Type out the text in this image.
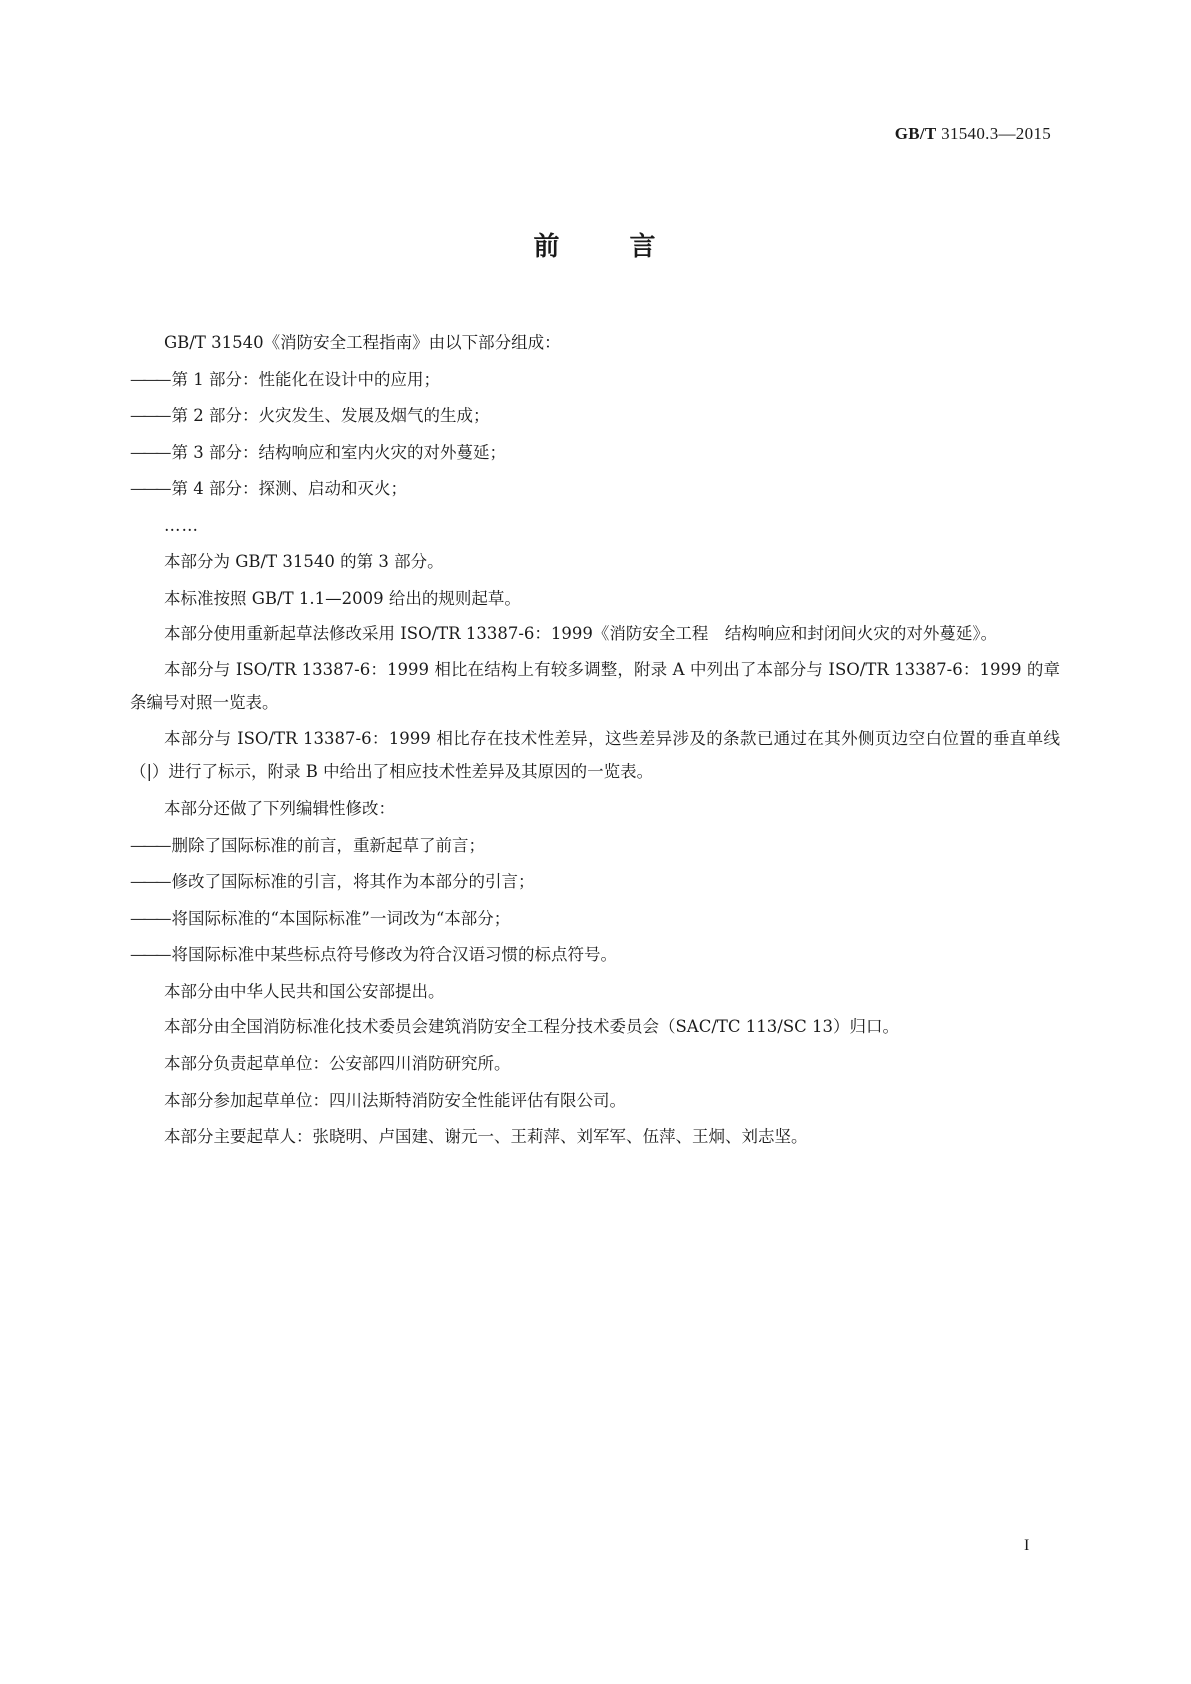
GB/T 31540.3—2015
前	言

GB/T 31540《消防安全工程指南》由以下部分组成：

——— 第 1 部分：性能化在设计中的应用；

——— 第 2 部分：火灾发生、发展及烟气的生成；

——— 第 3 部分：结构响应和室内火灾的对外蔓延；

——— 第 4 部分：探测、启动和灭火；

……

本部分为 GB/T 31540 的第 3 部分。

本标准按照 GB/T 1.1—2009 给出的规则起草。

本部分使用重新起草法修改采用 ISO/TR 13387-6：1999《消防安全工程　结构响应和封闭间火灾的对外蔓延》。

本部分与 ISO/TR 13387-6：1999 相比在结构上有较多调整，附录 A 中列出了本部分与 ISO/TR 13387-6：1999 的章条编号对照一览表。

本部分与 ISO/TR 13387-6：1999 相比存在技术性差异，这些差异涉及的条款已通过在其外侧页边空白位置的垂直单线（|）进行了标示，附录 B 中给出了相应技术性差异及其原因的一览表。

本部分还做了下列编辑性修改：

——— 删除了国际标准的前言，重新起草了前言；

——— 修改了国际标准的引言，将其作为本部分的引言；

——— 将国际标准的“本国际标准”一词改为“本部分；

——— 将国际标准中某些标点符号修改为符合汉语习惯的标点符号。

本部分由中华人民共和国公安部提出。

本部分由全国消防标准化技术委员会建筑消防安全工程分技术委员会（SAC/TC 113/SC 13）归口。

本部分负责起草单位：公安部四川消防研究所。

本部分参加起草单位：四川法斯特消防安全性能评估有限公司。

本部分主要起草人：张晓明、卢国建、谢元一、王莉萍、刘军军、伍萍、王炯、刘志坚。

I
